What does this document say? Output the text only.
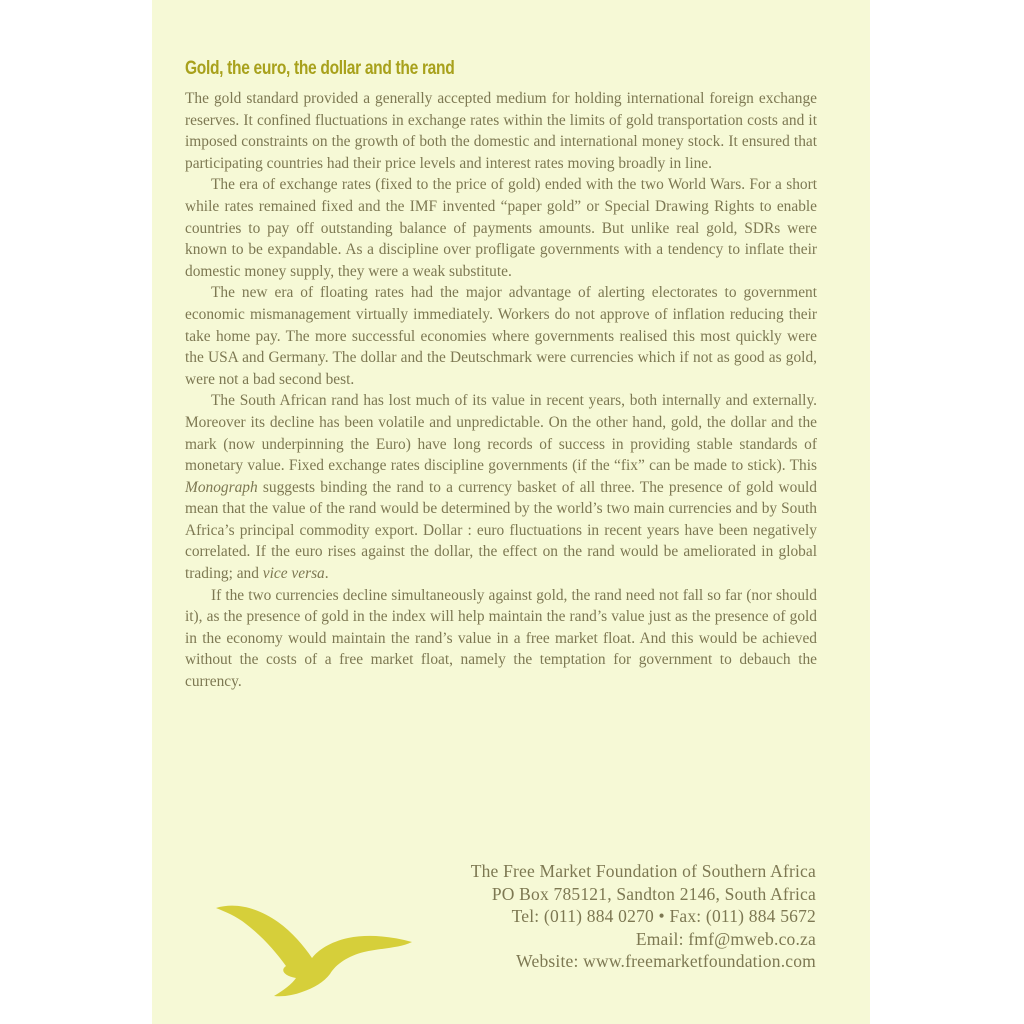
Gold, the euro, the dollar and the rand

The gold standard provided a generally accepted medium for holding international foreign exchange reserves. It confined fluctuations in exchange rates within the limits of gold transportation costs and it imposed constraints on the growth of both the domestic and international money stock. It ensured that participating countries had their price levels and interest rates moving broadly in line.

The era of exchange rates (fixed to the price of gold) ended with the two World Wars. For a short while rates remained fixed and the IMF invented “paper gold” or Special Drawing Rights to enable countries to pay off outstanding balance of payments amounts. But unlike real gold, SDRs were known to be expandable. As a discipline over profligate governments with a tendency to inflate their domestic money supply, they were a weak substitute.

The new era of floating rates had the major advantage of alerting electorates to government economic mismanagement virtually immediately. Workers do not approve of inflation reducing their take home pay. The more successful economies where governments realised this most quickly were the USA and Germany. The dollar and the Deutschmark were currencies which if not as good as gold, were not a bad second best.

The South African rand has lost much of its value in recent years, both internally and externally. Moreover its decline has been volatile and unpredictable. On the other hand, gold, the dollar and the mark (now underpinning the Euro) have long records of success in providing stable standards of monetary value. Fixed exchange rates discipline governments (if the “fix” can be made to stick). This Monograph suggests binding the rand to a currency basket of all three. The presence of gold would mean that the value of the rand would be determined by the world’s two main currencies and by South Africa’s principal commodity export. Dollar : euro fluctuations in recent years have been negatively correlated. If the euro rises against the dollar, the effect on the rand would be ameliorated in global trading; and vice versa.

If the two currencies decline simultaneously against gold, the rand need not fall so far (nor should it), as the presence of gold in the index will help maintain the rand’s value just as the presence of gold in the economy would maintain the rand’s value in a free market float. And this would be achieved without the costs of a free market float, namely the temptation for government to debauch the currency.

The Free Market Foundation of Southern Africa
PO Box 785121, Sandton 2146, South Africa
Tel: (011) 884 0270 • Fax: (011) 884 5672
Email: fmf@mweb.co.za
Website: www.freemarketfoundation.com
